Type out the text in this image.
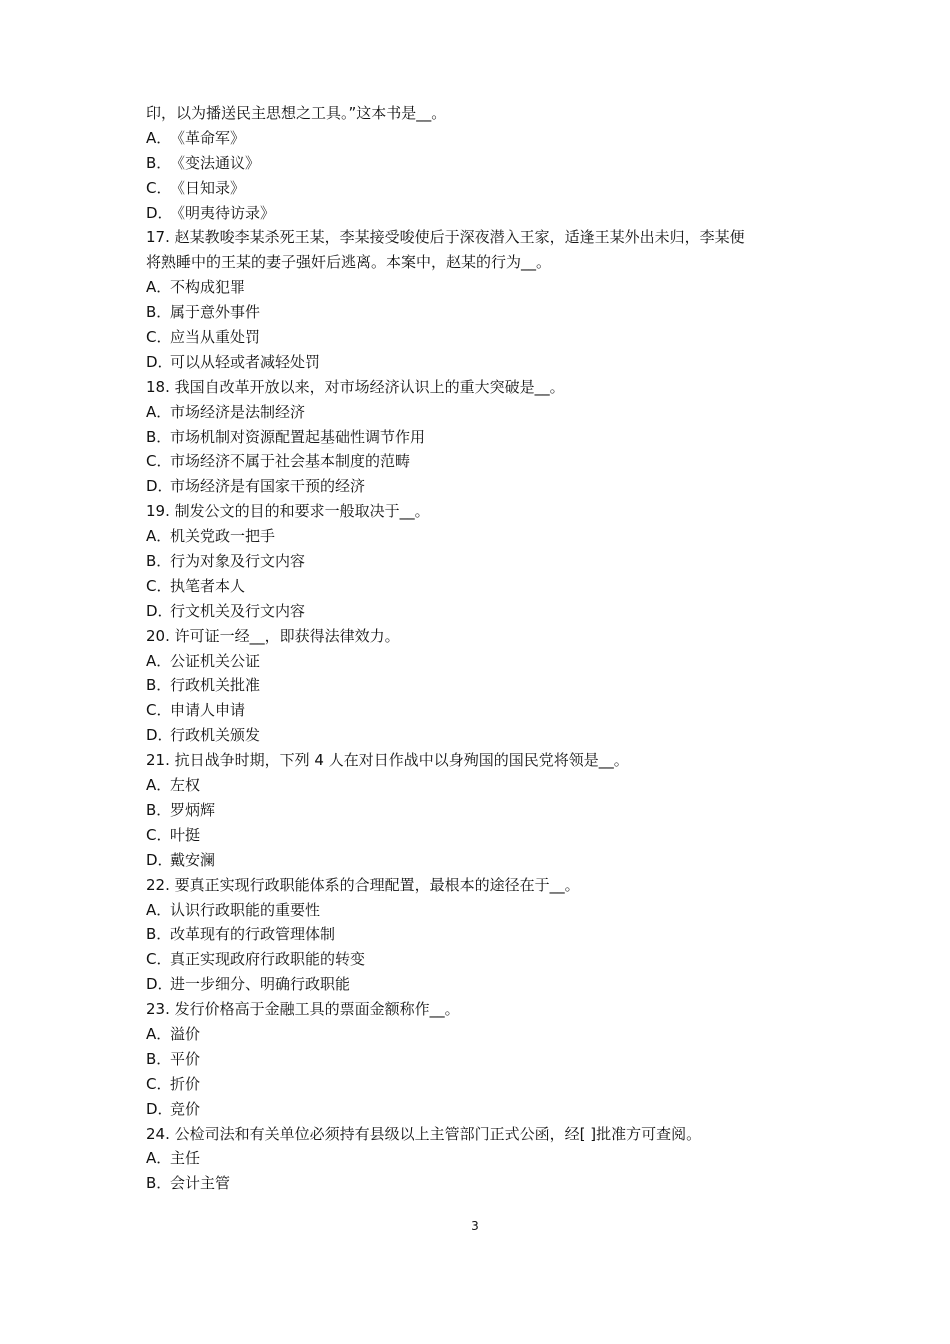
印，以为播送民主思想之工具。”这本书是__。
A．《革命军》
B．《变法通议》
C．《日知录》
D．《明夷待访录》
17. 赵某教唆李某杀死王某，李某接受唆使后于深夜潜入王家，适逢王某外出未归，李某便
将熟睡中的王某的妻子强奸后逃离。本案中，赵某的行为__。
A．不构成犯罪
B．属于意外事件
C．应当从重处罚
D．可以从轻或者减轻处罚
18. 我国自改革开放以来，对市场经济认识上的重大突破是__。
A．市场经济是法制经济
B．市场机制对资源配置起基础性调节作用
C．市场经济不属于社会基本制度的范畴
D．市场经济是有国家干预的经济
19. 制发公文的目的和要求一般取决于__。
A．机关党政一把手
B．行为对象及行文内容
C．执笔者本人
D．行文机关及行文内容
20. 许可证一经__，即获得法律效力。
A．公证机关公证
B．行政机关批准
C．申请人申请
D．行政机关颁发
21. 抗日战争时期，下列 4 人在对日作战中以身殉国的国民党将领是__。
A．左权
B．罗炳辉
C．叶挺
D．戴安澜
22. 要真正实现行政职能体系的合理配置，最根本的途径在于__。
A．认识行政职能的重要性
B．改革现有的行政管理体制
C．真正实现政府行政职能的转变
D．进一步细分、明确行政职能
23. 发行价格高于金融工具的票面金额称作__。
A．溢价
B．平价
C．折价
D．竞价
24. 公检司法和有关单位必须持有县级以上主管部门正式公函，经[ ]批准方可查阅。
A．主任
B．会计主管
3
